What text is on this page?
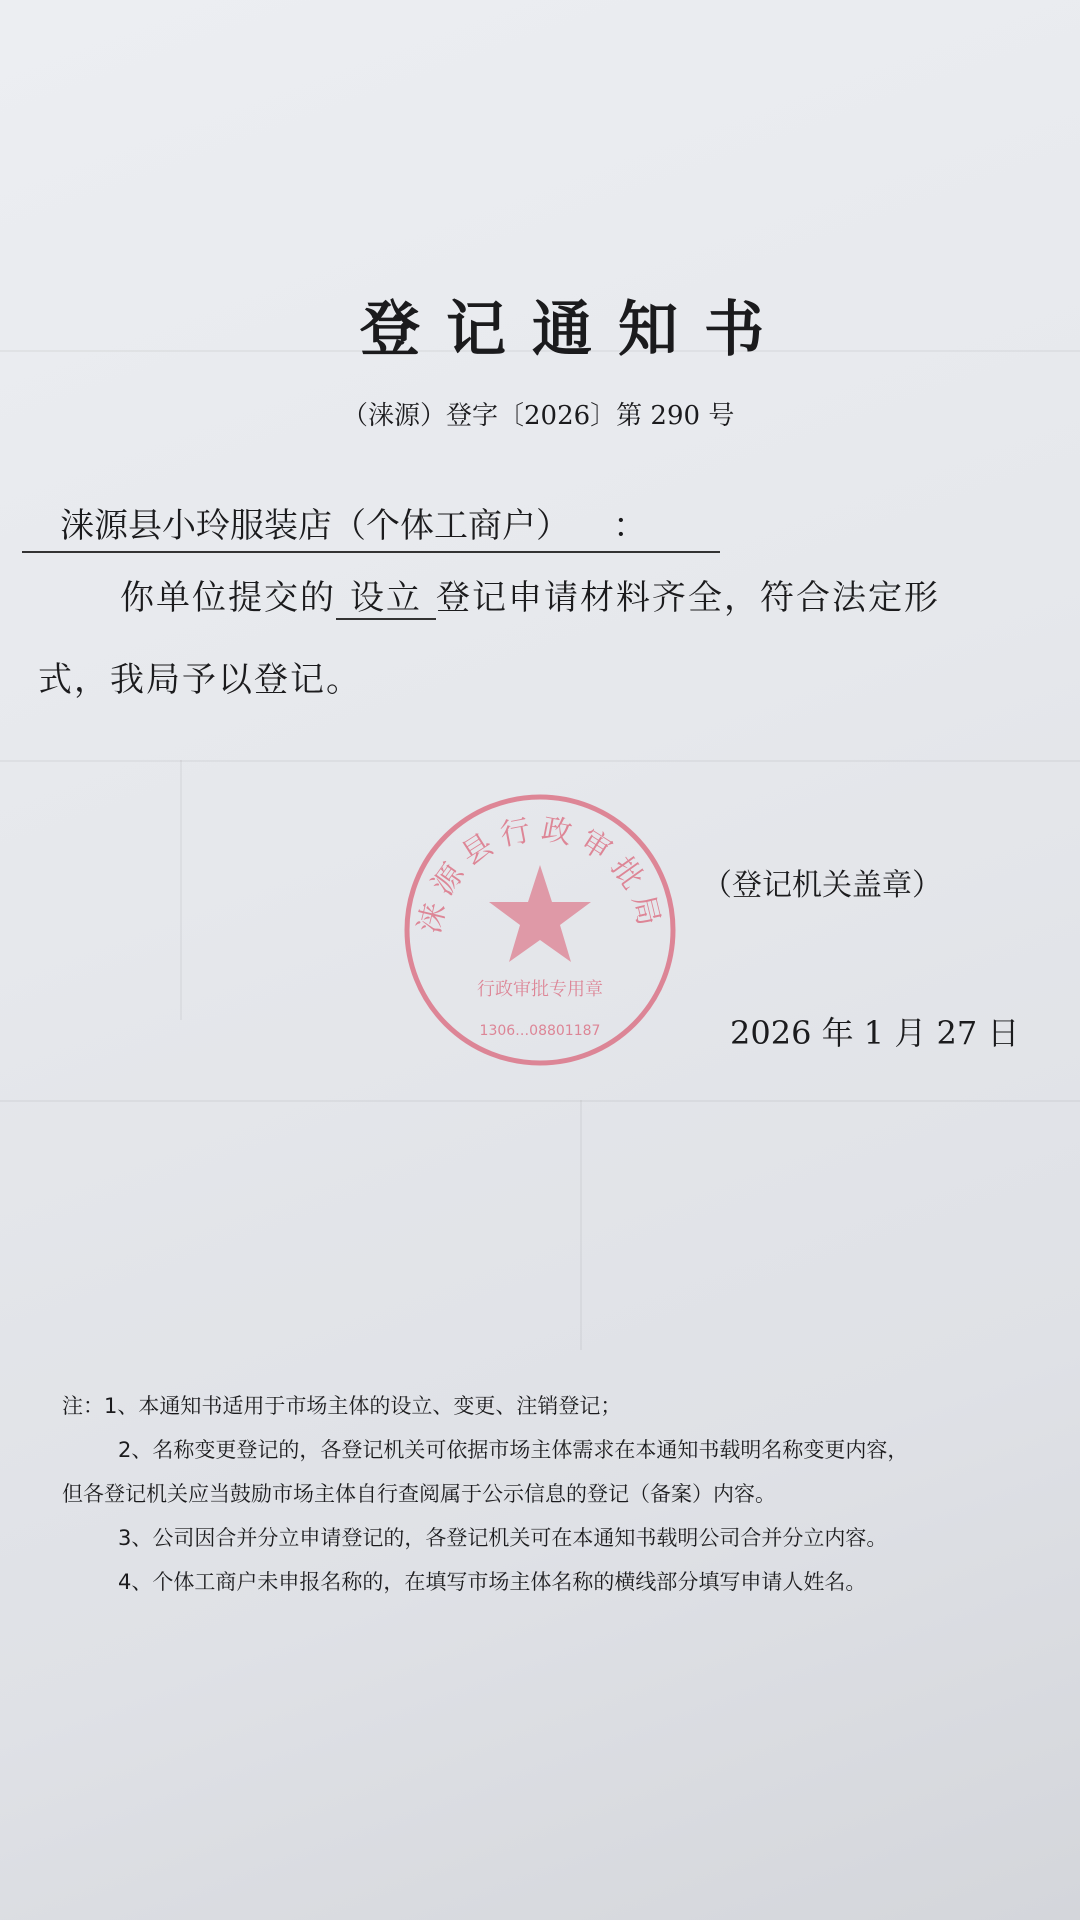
登记通知书
（涞源）登字〔2026〕第 290 号
涞源县小玲服装店（个体工商户） ：
你单位提交的 设立 登记申请材料齐全，符合法定形
式，我局予以登记。
涞源县行政审批局
行政审批专用章
1306…08801187
（登记机关盖章）
2026 年 1 月 27 日
注：1、本通知书适用于市场主体的设立、变更、注销登记；
2、名称变更登记的，各登记机关可依据市场主体需求在本通知书载明名称变更内容，
但各登记机关应当鼓励市场主体自行查阅属于公示信息的登记（备案）内容。
3、公司因合并分立申请登记的，各登记机关可在本通知书载明公司合并分立内容。
4、个体工商户未申报名称的，在填写市场主体名称的横线部分填写申请人姓名。
